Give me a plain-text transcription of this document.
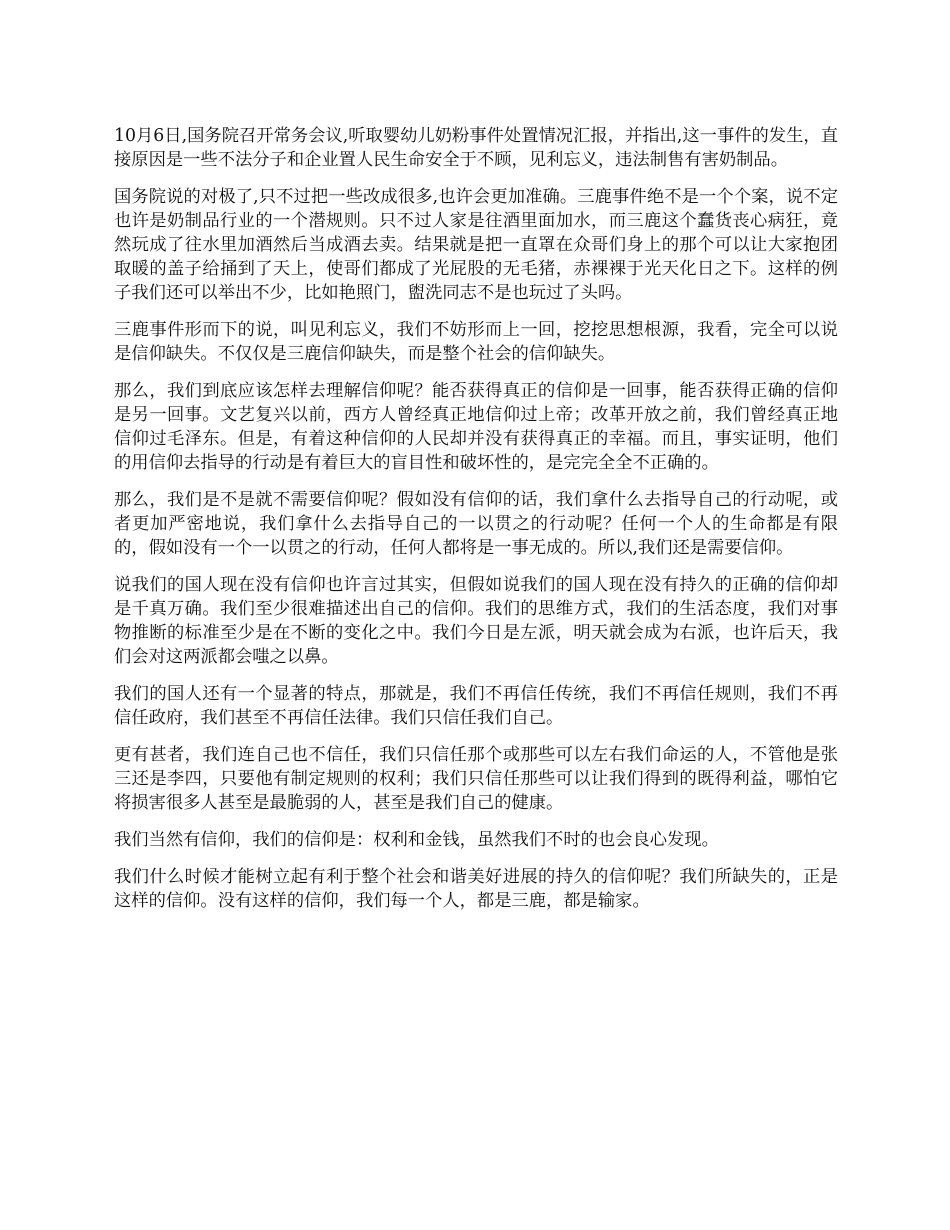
10月6日,国务院召开常务会议,听取婴幼儿奶粉事件处置情况汇报，并指出,这一事件的发生，直接原因是一些不法分子和企业置人民生命安全于不顾，见利忘义，违法制售有害奶制品。

国务院说的对极了,只不过把一些改成很多,也许会更加准确。三鹿事件绝不是一个个案，说不定也许是奶制品行业的一个潜规则。只不过人家是往酒里面加水，而三鹿这个蠢货丧心病狂，竟然玩成了往水里加酒然后当成酒去卖。结果就是把一直罩在众哥们身上的那个可以让大家抱团取暖的盖子给捅到了天上，使哥们都成了光屁股的无毛猪，赤裸裸于光天化日之下。这样的例子我们还可以举出不少，比如艳照门，盥洗同志不是也玩过了头吗。

三鹿事件形而下的说，叫见利忘义，我们不妨形而上一回，挖挖思想根源，我看，完全可以说是信仰缺失。不仅仅是三鹿信仰缺失，而是整个社会的信仰缺失。

那么，我们到底应该怎样去理解信仰呢？能否获得真正的信仰是一回事，能否获得正确的信仰是另一回事。文艺复兴以前，西方人曾经真正地信仰过上帝；改革开放之前，我们曾经真正地信仰过毛泽东。但是，有着这种信仰的人民却并没有获得真正的幸福。而且，事实证明，他们的用信仰去指导的行动是有着巨大的盲目性和破坏性的，是完完全全不正确的。

那么，我们是不是就不需要信仰呢？假如没有信仰的话，我们拿什么去指导自己的行动呢，或者更加严密地说，我们拿什么去指导自己的一以贯之的行动呢？任何一个人的生命都是有限的，假如没有一个一以贯之的行动，任何人都将是一事无成的。所以,我们还是需要信仰。

说我们的国人现在没有信仰也许言过其实，但假如说我们的国人现在没有持久的正确的信仰却是千真万确。我们至少很难描述出自己的信仰。我们的思维方式，我们的生活态度，我们对事物推断的标准至少是在不断的变化之中。我们今日是左派，明天就会成为右派，也许后天，我们会对这两派都会嗤之以鼻。

我们的国人还有一个显著的特点，那就是，我们不再信任传统，我们不再信任规则，我们不再信任政府，我们甚至不再信任法律。我们只信任我们自己。

更有甚者，我们连自己也不信任，我们只信任那个或那些可以左右我们命运的人，不管他是张三还是李四，只要他有制定规则的权利；我们只信任那些可以让我们得到的既得利益，哪怕它将损害很多人甚至是最脆弱的人，甚至是我们自己的健康。

我们当然有信仰，我们的信仰是：权利和金钱，虽然我们不时的也会良心发现。

我们什么时候才能树立起有利于整个社会和谐美好进展的持久的信仰呢？我们所缺失的，正是这样的信仰。没有这样的信仰，我们每一个人，都是三鹿，都是输家。
